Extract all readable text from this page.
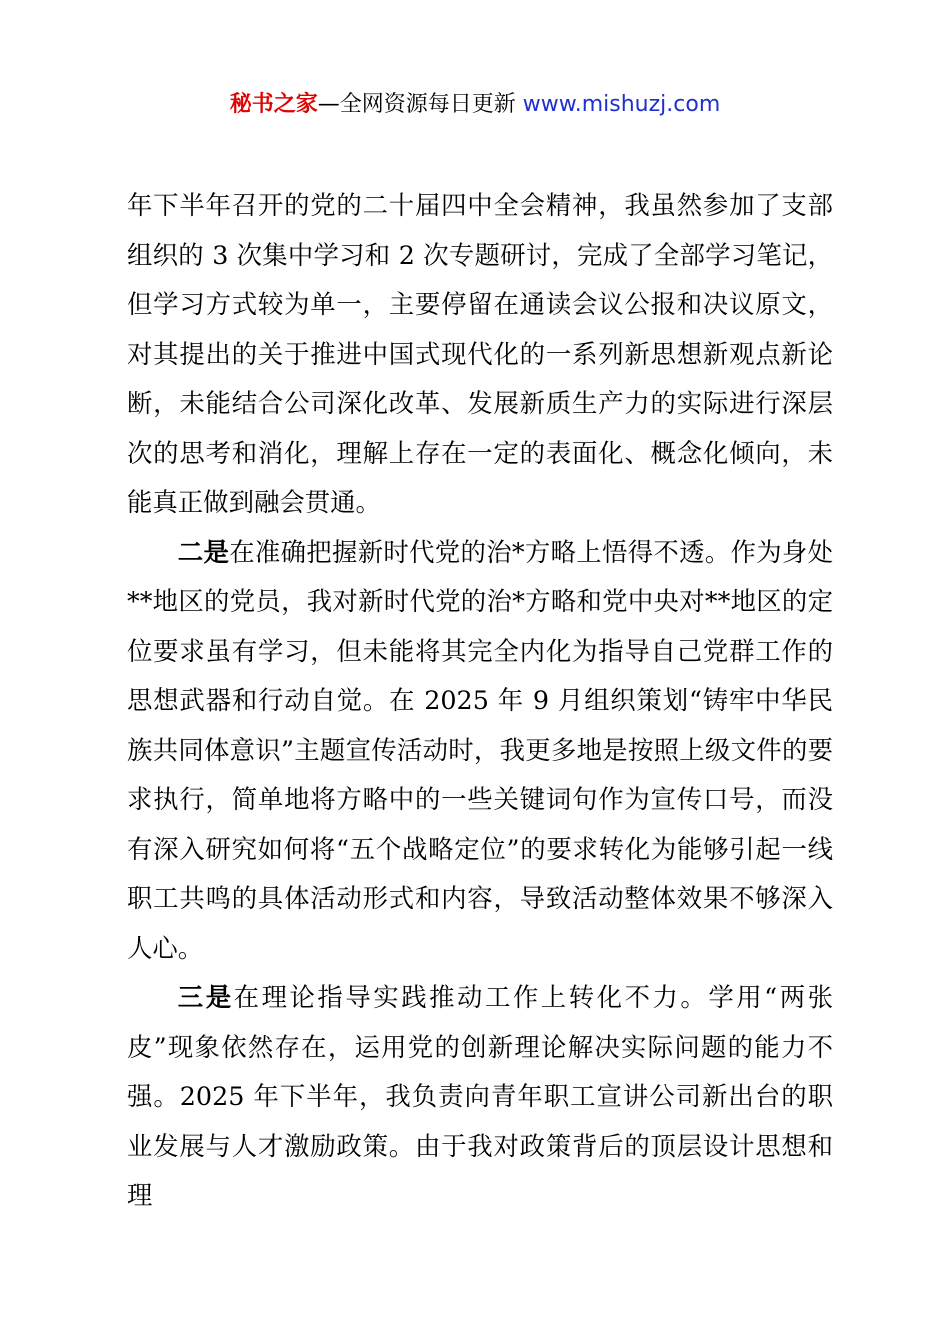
秘书之家—全网资源每日更新 www.mishuzj.com

年下半年召开的党的二十届四中全会精神，我虽然参加了支部组织的 3 次集中学习和 2 次专题研讨，完成了全部学习笔记，但学习方式较为单一，主要停留在通读会议公报和决议原文，对其提出的关于推进中国式现代化的一系列新思想新观点新论断，未能结合公司深化改革、发展新质生产力的实际进行深层次的思考和消化，理解上存在一定的表面化、概念化倾向，未能真正做到融会贯通。

二是在准确把握新时代党的治*方略上悟得不透。作为身处**地区的党员，我对新时代党的治*方略和党中央对**地区的定位要求虽有学习，但未能将其完全内化为指导自己党群工作的思想武器和行动自觉。在 2025 年 9 月组织策划“铸牢中华民族共同体意识”主题宣传活动时，我更多地是按照上级文件的要求执行，简单地将方略中的一些关键词句作为宣传口号，而没有深入研究如何将“五个战略定位”的要求转化为能够引起一线职工共鸣的具体活动形式和内容，导致活动整体效果不够深入人心。

三是在理论指导实践推动工作上转化不力。学用“两张皮”现象依然存在，运用党的创新理论解决实际问题的能力不强。2025 年下半年，我负责向青年职工宣讲公司新出台的职业发展与人才激励政策。由于我对政策背后的顶层设计思想和理
